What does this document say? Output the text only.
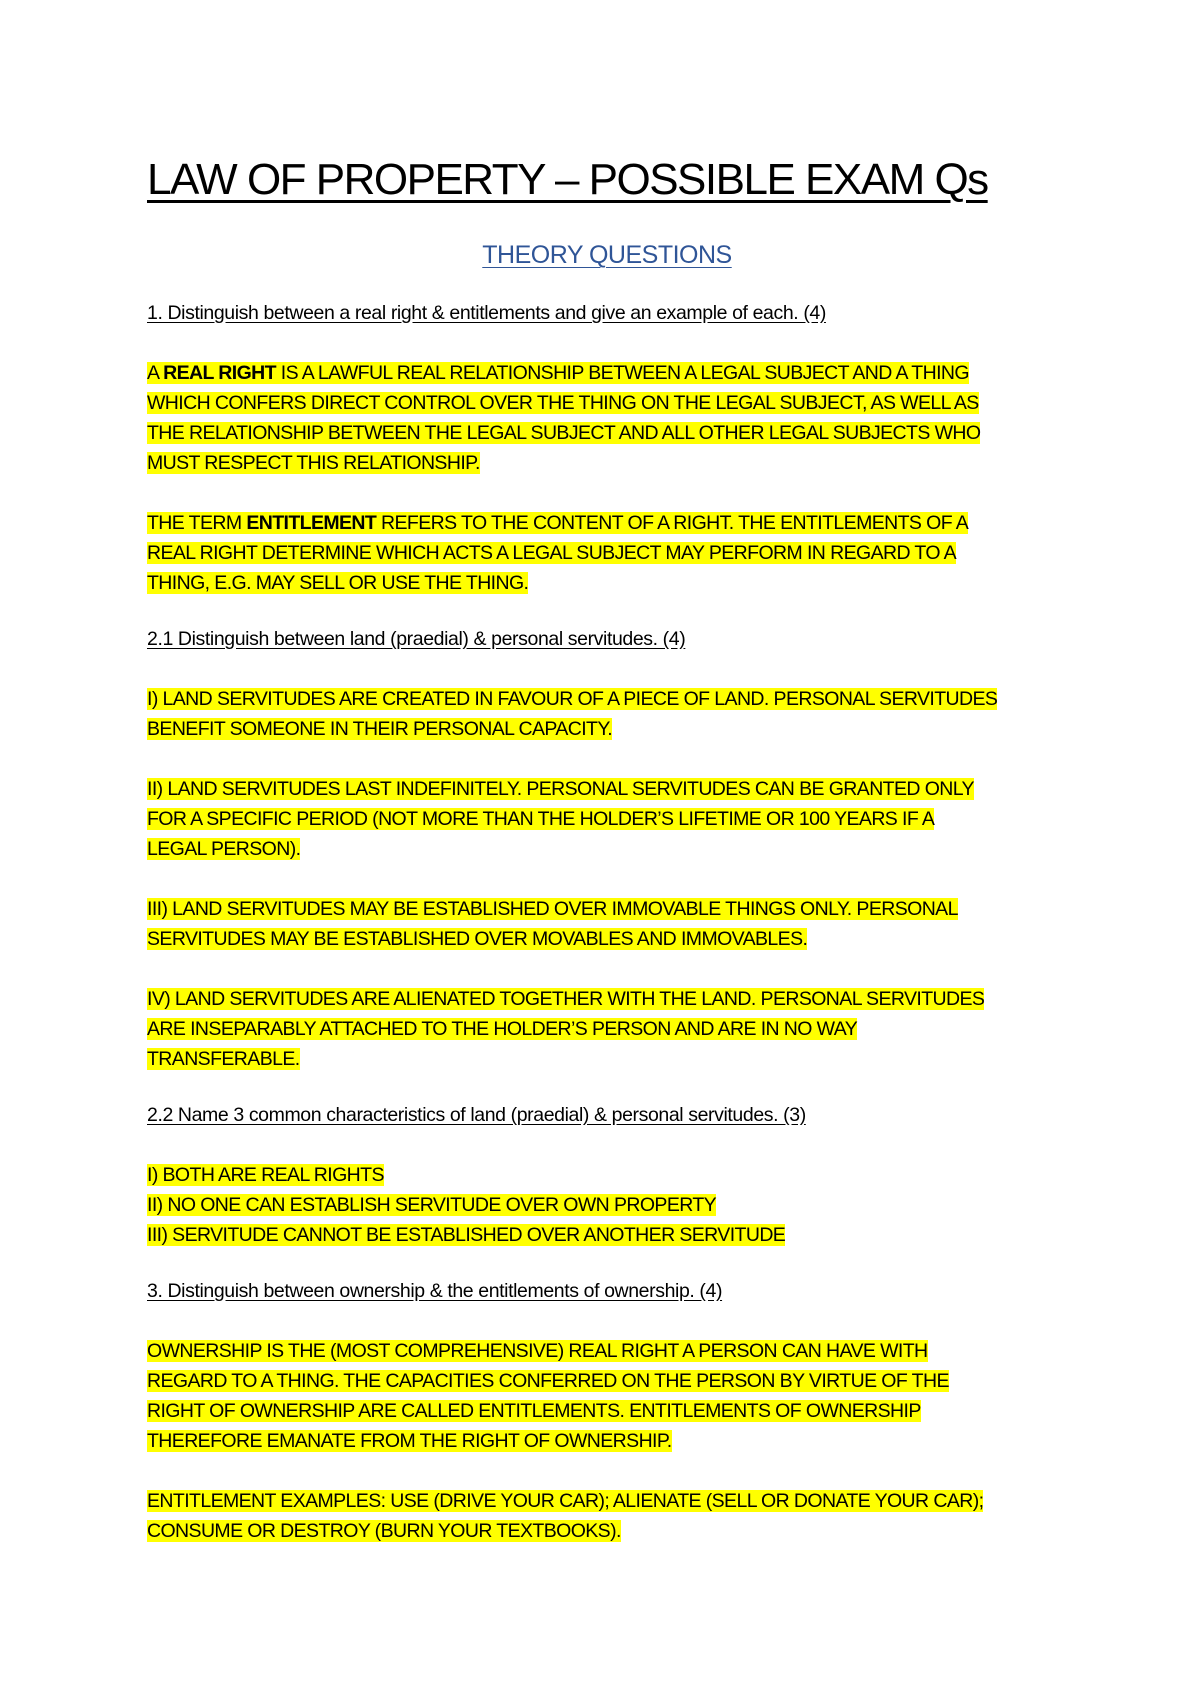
LAW OF PROPERTY – POSSIBLE EXAM Qs
THEORY QUESTIONS
1. Distinguish between a real right & entitlements and give an example of each. (4)
A REAL RIGHT IS A LAWFUL REAL RELATIONSHIP BETWEEN A LEGAL SUBJECT AND A THING
WHICH CONFERS DIRECT CONTROL OVER THE THING ON THE LEGAL SUBJECT, AS WELL AS
THE RELATIONSHIP BETWEEN THE LEGAL SUBJECT AND ALL OTHER LEGAL SUBJECTS WHO
MUST RESPECT THIS RELATIONSHIP.
THE TERM ENTITLEMENT REFERS TO THE CONTENT OF A RIGHT. THE ENTITLEMENTS OF A
REAL RIGHT DETERMINE WHICH ACTS A LEGAL SUBJECT MAY PERFORM IN REGARD TO A
THING, E.G. MAY SELL OR USE THE THING.
2.1 Distinguish between land (praedial) & personal servitudes. (4)
I) LAND SERVITUDES ARE CREATED IN FAVOUR OF A PIECE OF LAND. PERSONAL SERVITUDES
BENEFIT SOMEONE IN THEIR PERSONAL CAPACITY.
II) LAND SERVITUDES LAST INDEFINITELY. PERSONAL SERVITUDES CAN BE GRANTED ONLY
FOR A SPECIFIC PERIOD (NOT MORE THAN THE HOLDER’S LIFETIME OR 100 YEARS IF A
LEGAL PERSON).
III) LAND SERVITUDES MAY BE ESTABLISHED OVER IMMOVABLE THINGS ONLY. PERSONAL
SERVITUDES MAY BE ESTABLISHED OVER MOVABLES AND IMMOVABLES.
IV) LAND SERVITUDES ARE ALIENATED TOGETHER WITH THE LAND. PERSONAL SERVITUDES
ARE INSEPARABLY ATTACHED TO THE HOLDER’S PERSON AND ARE IN NO WAY
TRANSFERABLE.
2.2 Name 3 common characteristics of land (praedial) & personal servitudes. (3)
I) BOTH ARE REAL RIGHTS
II) NO ONE CAN ESTABLISH SERVITUDE OVER OWN PROPERTY
III) SERVITUDE CANNOT BE ESTABLISHED OVER ANOTHER SERVITUDE
3. Distinguish between ownership & the entitlements of ownership. (4)
OWNERSHIP IS THE (MOST COMPREHENSIVE) REAL RIGHT A PERSON CAN HAVE WITH
REGARD TO A THING. THE CAPACITIES CONFERRED ON THE PERSON BY VIRTUE OF THE
RIGHT OF OWNERSHIP ARE CALLED ENTITLEMENTS. ENTITLEMENTS OF OWNERSHIP
THEREFORE EMANATE FROM THE RIGHT OF OWNERSHIP.
ENTITLEMENT EXAMPLES: USE (DRIVE YOUR CAR); ALIENATE (SELL OR DONATE YOUR CAR);
CONSUME OR DESTROY (BURN YOUR TEXTBOOKS).
